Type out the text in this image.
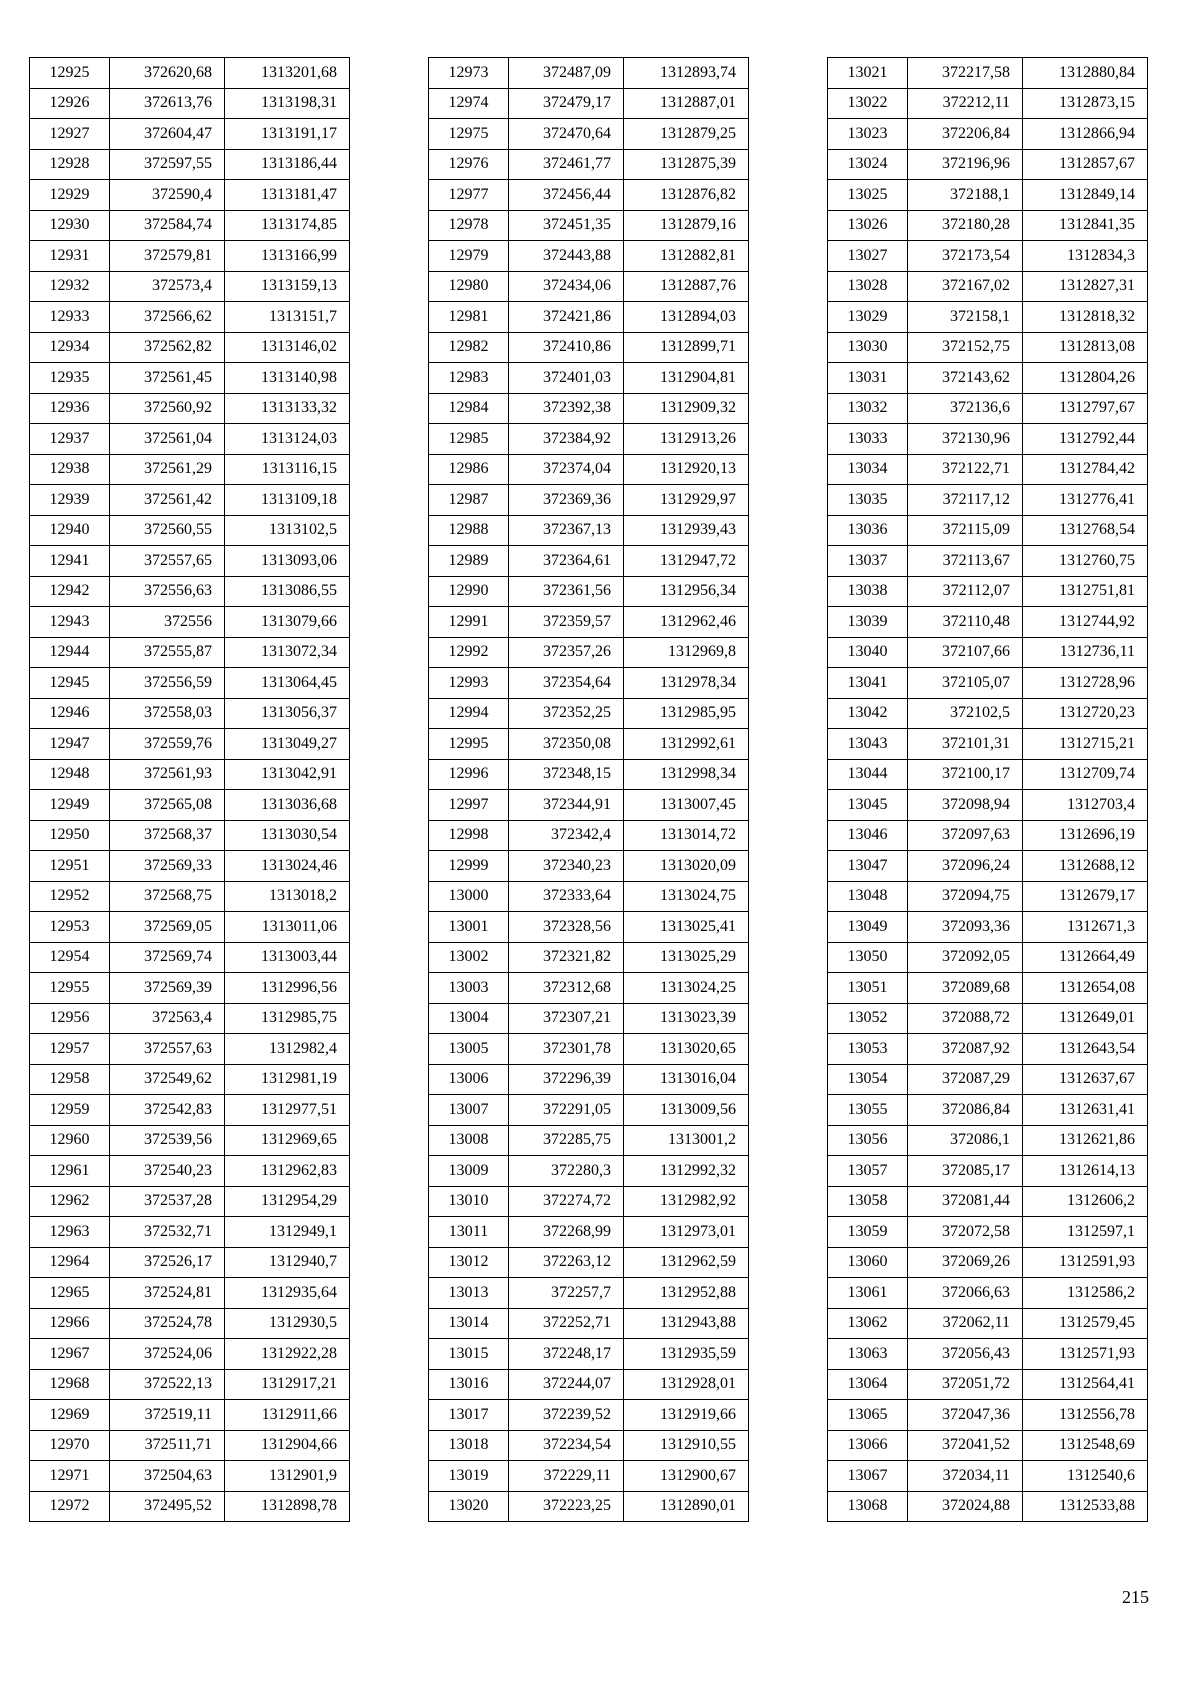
12925	372620,68	1313201,68
12926	372613,76	1313198,31
12927	372604,47	1313191,17
12928	372597,55	1313186,44
12929	372590,4	1313181,47
12930	372584,74	1313174,85
12931	372579,81	1313166,99
12932	372573,4	1313159,13
12933	372566,62	1313151,7
12934	372562,82	1313146,02
12935	372561,45	1313140,98
12936	372560,92	1313133,32
12937	372561,04	1313124,03
12938	372561,29	1313116,15
12939	372561,42	1313109,18
12940	372560,55	1313102,5
12941	372557,65	1313093,06
12942	372556,63	1313086,55
12943	372556	1313079,66
12944	372555,87	1313072,34
12945	372556,59	1313064,45
12946	372558,03	1313056,37
12947	372559,76	1313049,27
12948	372561,93	1313042,91
12949	372565,08	1313036,68
12950	372568,37	1313030,54
12951	372569,33	1313024,46
12952	372568,75	1313018,2
12953	372569,05	1313011,06
12954	372569,74	1313003,44
12955	372569,39	1312996,56
12956	372563,4	1312985,75
12957	372557,63	1312982,4
12958	372549,62	1312981,19
12959	372542,83	1312977,51
12960	372539,56	1312969,65
12961	372540,23	1312962,83
12962	372537,28	1312954,29
12963	372532,71	1312949,1
12964	372526,17	1312940,7
12965	372524,81	1312935,64
12966	372524,78	1312930,5
12967	372524,06	1312922,28
12968	372522,13	1312917,21
12969	372519,11	1312911,66
12970	372511,71	1312904,66
12971	372504,63	1312901,9
12972	372495,52	1312898,78
12973	372487,09	1312893,74
12974	372479,17	1312887,01
12975	372470,64	1312879,25
12976	372461,77	1312875,39
12977	372456,44	1312876,82
12978	372451,35	1312879,16
12979	372443,88	1312882,81
12980	372434,06	1312887,76
12981	372421,86	1312894,03
12982	372410,86	1312899,71
12983	372401,03	1312904,81
12984	372392,38	1312909,32
12985	372384,92	1312913,26
12986	372374,04	1312920,13
12987	372369,36	1312929,97
12988	372367,13	1312939,43
12989	372364,61	1312947,72
12990	372361,56	1312956,34
12991	372359,57	1312962,46
12992	372357,26	1312969,8
12993	372354,64	1312978,34
12994	372352,25	1312985,95
12995	372350,08	1312992,61
12996	372348,15	1312998,34
12997	372344,91	1313007,45
12998	372342,4	1313014,72
12999	372340,23	1313020,09
13000	372333,64	1313024,75
13001	372328,56	1313025,41
13002	372321,82	1313025,29
13003	372312,68	1313024,25
13004	372307,21	1313023,39
13005	372301,78	1313020,65
13006	372296,39	1313016,04
13007	372291,05	1313009,56
13008	372285,75	1313001,2
13009	372280,3	1312992,32
13010	372274,72	1312982,92
13011	372268,99	1312973,01
13012	372263,12	1312962,59
13013	372257,7	1312952,88
13014	372252,71	1312943,88
13015	372248,17	1312935,59
13016	372244,07	1312928,01
13017	372239,52	1312919,66
13018	372234,54	1312910,55
13019	372229,11	1312900,67
13020	372223,25	1312890,01
13021	372217,58	1312880,84
13022	372212,11	1312873,15
13023	372206,84	1312866,94
13024	372196,96	1312857,67
13025	372188,1	1312849,14
13026	372180,28	1312841,35
13027	372173,54	1312834,3
13028	372167,02	1312827,31
13029	372158,1	1312818,32
13030	372152,75	1312813,08
13031	372143,62	1312804,26
13032	372136,6	1312797,67
13033	372130,96	1312792,44
13034	372122,71	1312784,42
13035	372117,12	1312776,41
13036	372115,09	1312768,54
13037	372113,67	1312760,75
13038	372112,07	1312751,81
13039	372110,48	1312744,92
13040	372107,66	1312736,11
13041	372105,07	1312728,96
13042	372102,5	1312720,23
13043	372101,31	1312715,21
13044	372100,17	1312709,74
13045	372098,94	1312703,4
13046	372097,63	1312696,19
13047	372096,24	1312688,12
13048	372094,75	1312679,17
13049	372093,36	1312671,3
13050	372092,05	1312664,49
13051	372089,68	1312654,08
13052	372088,72	1312649,01
13053	372087,92	1312643,54
13054	372087,29	1312637,67
13055	372086,84	1312631,41
13056	372086,1	1312621,86
13057	372085,17	1312614,13
13058	372081,44	1312606,2
13059	372072,58	1312597,1
13060	372069,26	1312591,93
13061	372066,63	1312586,2
13062	372062,11	1312579,45
13063	372056,43	1312571,93
13064	372051,72	1312564,41
13065	372047,36	1312556,78
13066	372041,52	1312548,69
13067	372034,11	1312540,6
13068	372024,88	1312533,88
215
